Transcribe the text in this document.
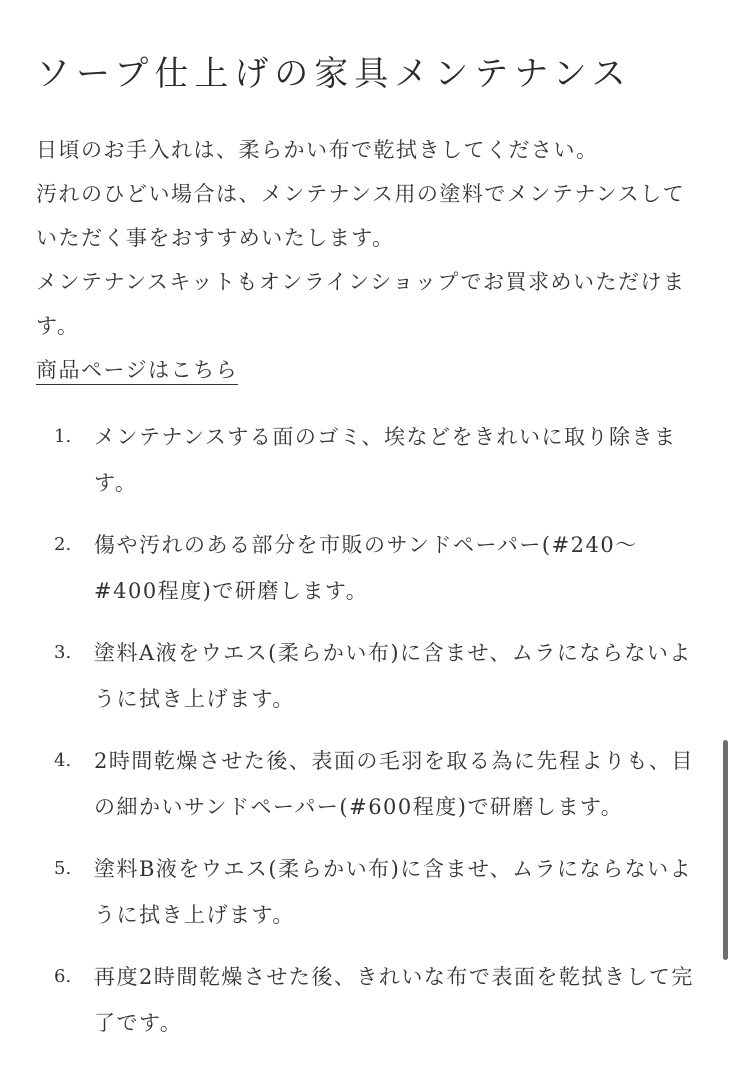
ソープ仕上げの家具メンテナンス

日頃のお手入れは、柔らかい布で乾拭きしてください。

汚れのひどい場合は、メンテナンス用の塗料でメンテナンスしていただく事をおすすめいたします。

メンテナンスキットもオンラインショップでお買求めいただけます。

商品ページはこちら
1.	メンテナンスする面のゴミ、埃などをきれいに取り除きます。
2.	傷や汚れのある部分を市販のサンドペーパー(#240〜#400程度)で研磨します。
3.	塗料A液をウエス(柔らかい布)に含ませ、ムラにならないように拭き上げます。
4.	2時間乾燥させた後、表面の毛羽を取る為に先程よりも、目の細かいサンドペーパー(#600程度)で研磨します。
5.	塗料B液をウエス(柔らかい布)に含ませ、ムラにならないように拭き上げます。
6.	再度2時間乾燥させた後、きれいな布で表面を乾拭きして完了です。
